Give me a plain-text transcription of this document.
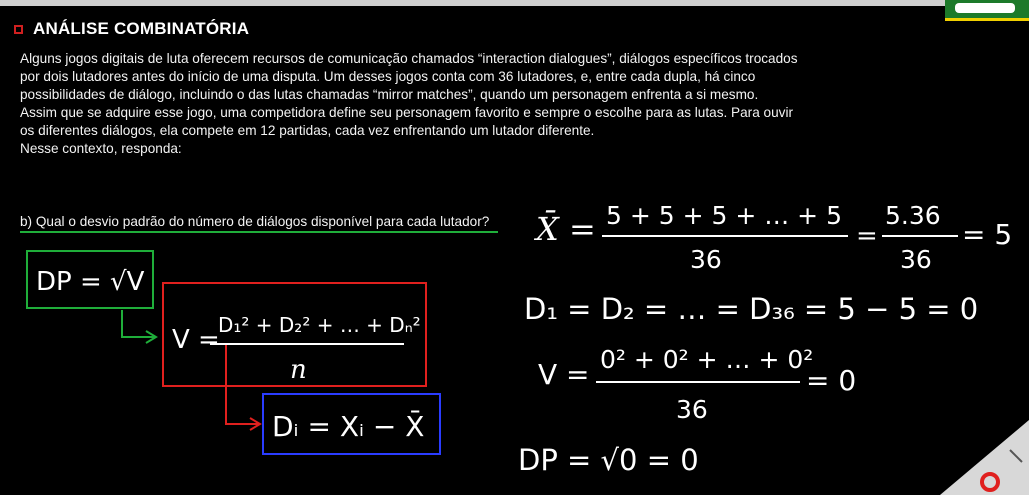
ANÁLISE COMBINATÓRIA

Alguns jogos digitais de luta oferecem recursos de comunicação chamados “interaction dialogues”, diálogos específicos trocados por dois lutadores antes do início de uma disputa. Um desses jogos conta com 36 lutadores, e, entre cada dupla, há cinco possibilidades de diálogo, incluindo o das lutas chamadas “mirror matches”, quando um personagem enfrenta a si mesmo.

Assim que se adquire esse jogo, uma competidora define seu personagem favorito e sempre o escolhe para as lutas. Para ouvir os diferentes diálogos, ela compete em 12 partidas, cada vez enfrentando um lutador diferente.

Nesse contexto, responda:

b) Qual o desvio padrão do número de diálogos disponível para cada lutador?
DP = √V
V =
D₁² + D₂² + … + Dₙ²
n
Dᵢ = Xᵢ − X̄
X̄ = 5 + 5 + 5 + … + 5
36
=
5.36
36
= 5
D₁ = D₂ = … = D₃₆ = 5 − 5 = 0
V = 0² + 0² + … + 0²
36
= 0
DP = √0 = 0
